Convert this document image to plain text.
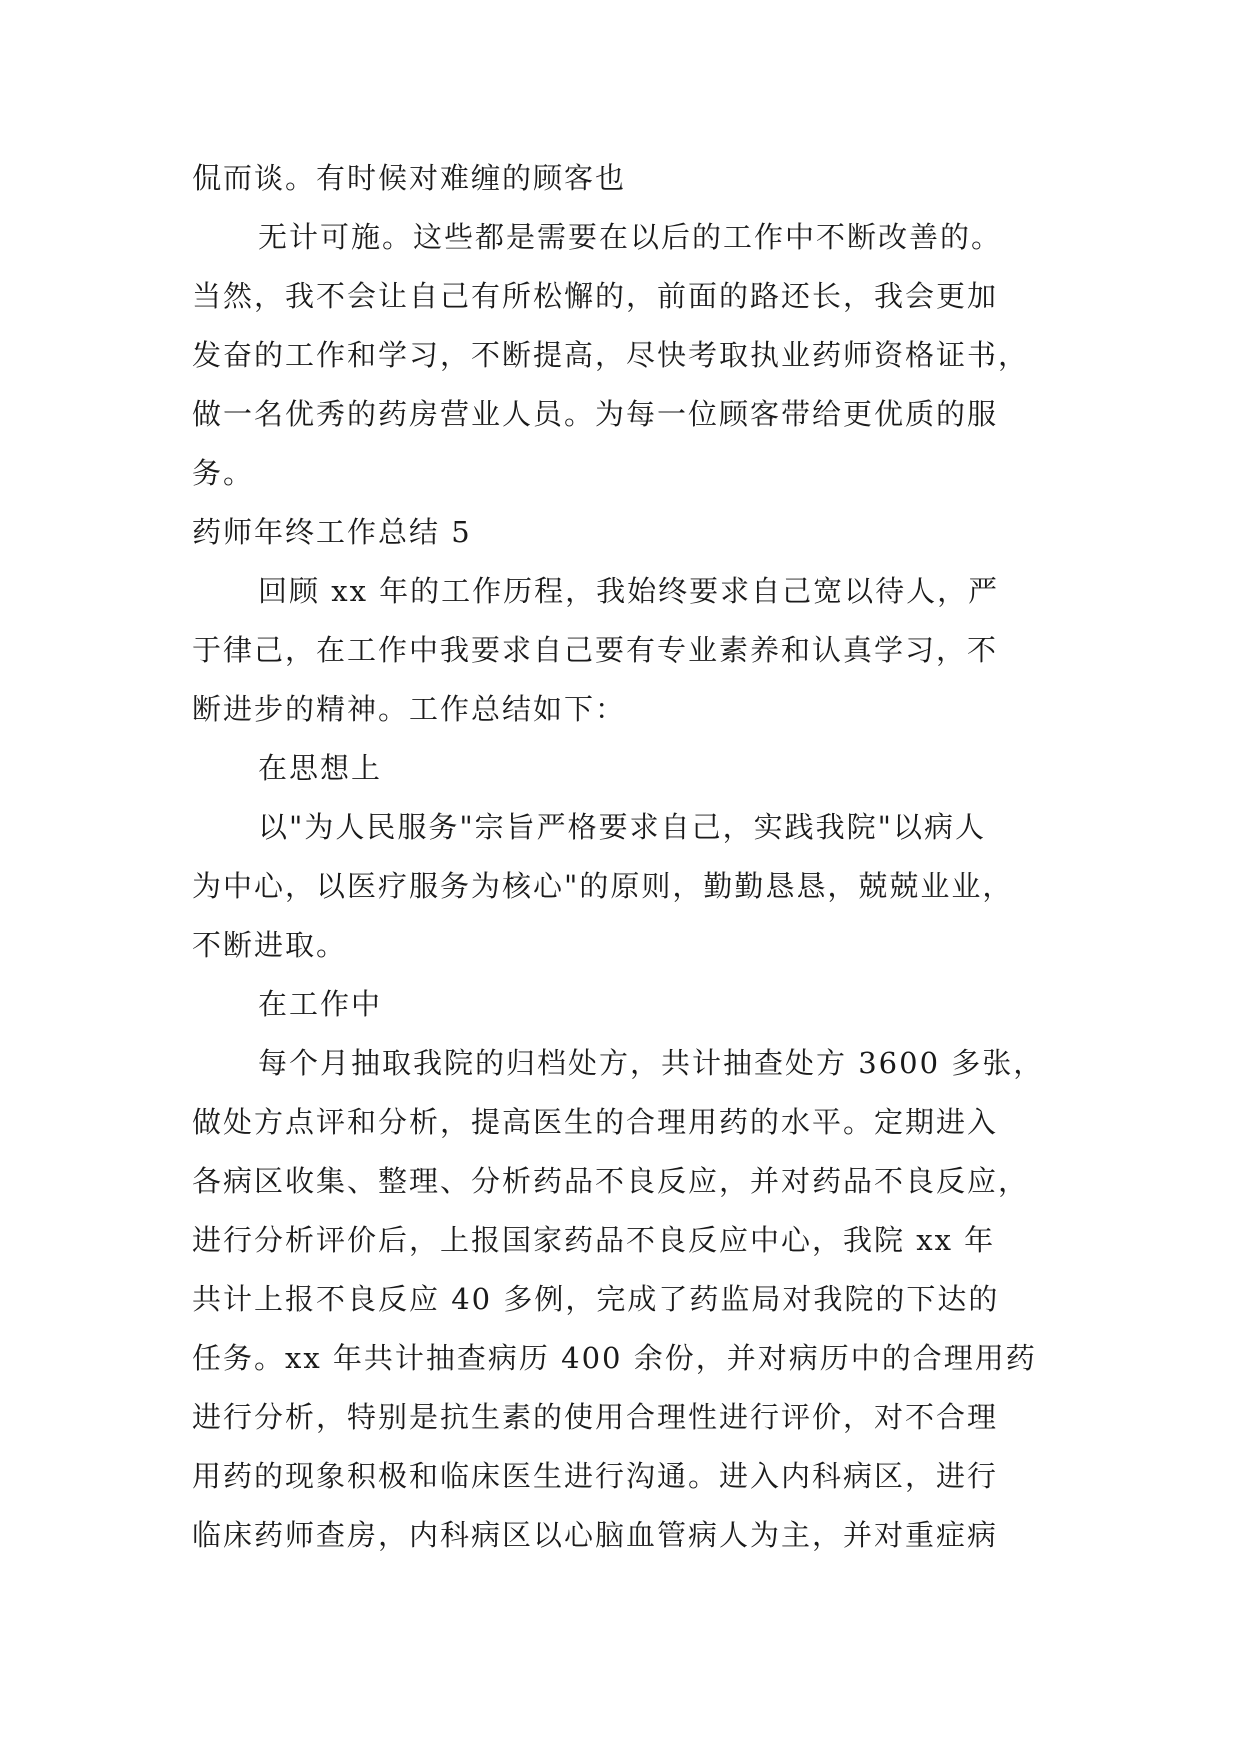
侃而谈。有时候对难缠的顾客也
无计可施。这些都是需要在以后的工作中不断改善的。
当然，我不会让自己有所松懈的，前面的路还长，我会更加
发奋的工作和学习，不断提高，尽快考取执业药师资格证书，
做一名优秀的药房营业人员。为每一位顾客带给更优质的服
务。
药师年终工作总结 5
回顾 xx 年的工作历程，我始终要求自己宽以待人，严
于律己，在工作中我要求自己要有专业素养和认真学习，不
断进步的精神。工作总结如下：
在思想上
以"为人民服务"宗旨严格要求自己，实践我院"以病人
为中心，以医疗服务为核心"的原则，勤勤恳恳，兢兢业业，
不断进取。
在工作中
每个月抽取我院的归档处方，共计抽查处方 3600 多张，
做处方点评和分析，提高医生的合理用药的水平。定期进入
各病区收集、整理、分析药品不良反应，并对药品不良反应，
进行分析评价后，上报国家药品不良反应中心，我院 xx 年
共计上报不良反应 40 多例，完成了药监局对我院的下达的
任务。xx 年共计抽查病历 400 余份，并对病历中的合理用药
进行分析，特别是抗生素的使用合理性进行评价，对不合理
用药的现象积极和临床医生进行沟通。进入内科病区，进行
临床药师查房，内科病区以心脑血管病人为主，并对重症病
